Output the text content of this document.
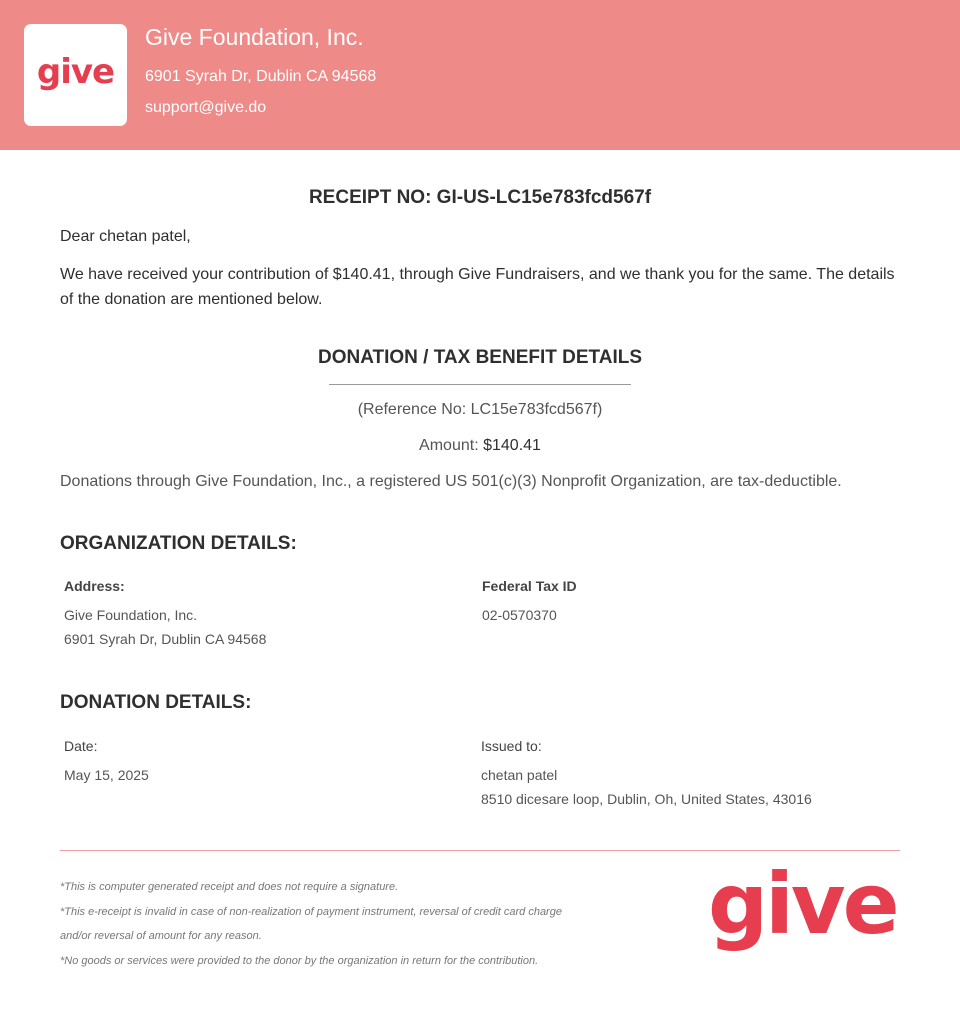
give
Give Foundation, Inc.
6901 Syrah Dr, Dublin CA 94568
support@give.do
RECEIPT NO: GI-US-LC15e783fcd567f
Dear chetan patel,
We have received your contribution of $140.41, through Give Fundraisers, and we thank you for the same. The details of the donation are mentioned below.
DONATION / TAX BENEFIT DETAILS
(Reference No: LC15e783fcd567f)
Amount: $140.41
Donations through Give Foundation, Inc., a registered US 501(c)(3) Nonprofit Organization, are tax-deductible.
ORGANIZATION DETAILS:
Address:
Give Foundation, Inc.
6901 Syrah Dr, Dublin CA 94568
Federal Tax ID
02-0570370
DONATION DETAILS:
Date:
May 15, 2025
Issued to:
chetan patel
8510 dicesare loop, Dublin, Oh, United States, 43016
*This is computer generated receipt and does not require a signature.
*This e-receipt is invalid in case of non-realization of payment instrument, reversal of credit card charge
and/or reversal of amount for any reason.
*No goods or services were provided to the donor by the organization in return for the contribution.
give
